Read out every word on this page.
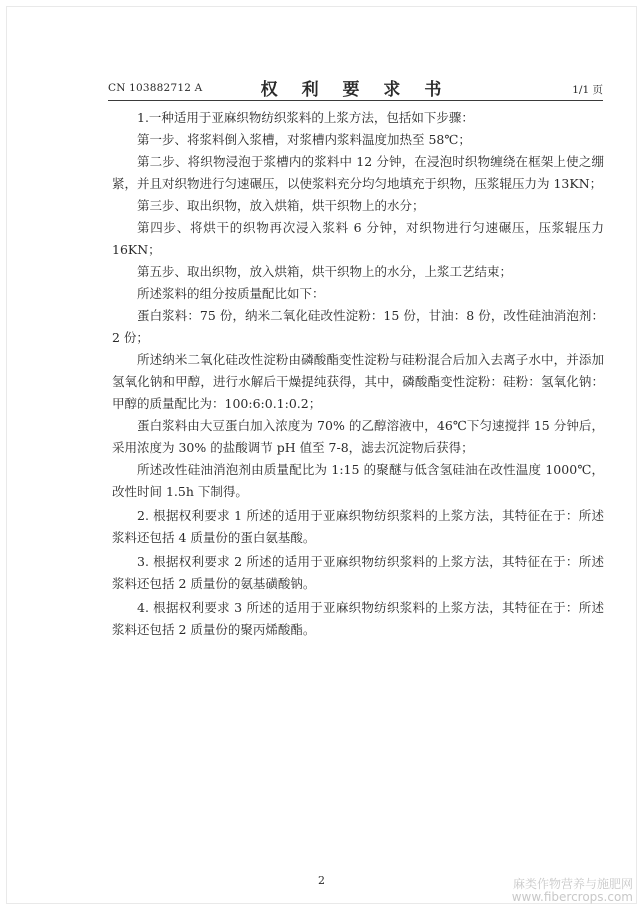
CN 103882712 A	权 利 要 求 书	1/1 页

1.一种适用于亚麻织物纺织浆料的上浆方法，包括如下步骤：

第一步、将浆料倒入浆槽，对浆槽内浆料温度加热至 58℃；

第二步、将织物浸泡于浆槽内的浆料中 12 分钟，在浸泡时织物缠绕在框架上使之绷紧，并且对织物进行匀速碾压，以使浆料充分均匀地填充于织物，压浆辊压力为 13KN；

第三步、取出织物，放入烘箱，烘干织物上的水分；

第四步、将烘干的织物再次浸入浆料 6 分钟，对织物进行匀速碾压，压浆辊压力 16KN；

第五步、取出织物，放入烘箱，烘干织物上的水分，上浆工艺结束；

所述浆料的组分按质量配比如下：

蛋白浆料：75 份，纳米二氧化硅改性淀粉：15 份，甘油：8 份，改性硅油消泡剂：2 份；

所述纳米二氧化硅改性淀粉由磷酸酯变性淀粉与硅粉混合后加入去离子水中，并添加氢氧化钠和甲醇，进行水解后干燥提纯获得，其中，磷酸酯变性淀粉：硅粉：氢氧化钠：甲醇的质量配比为：100:6:0.1:0.2；

蛋白浆料由大豆蛋白加入浓度为 70% 的乙醇溶液中，46℃下匀速搅拌 15 分钟后，采用浓度为 30% 的盐酸调节 pH 值至 7-8，滤去沉淀物后获得；

所述改性硅油消泡剂由质量配比为 1:15 的聚醚与低含氢硅油在改性温度 1000℃，改性时间 1.5h 下制得。

2. 根据权利要求 1 所述的适用于亚麻织物纺织浆料的上浆方法，其特征在于：所述浆料还包括 4 质量份的蛋白氨基酸。

3. 根据权利要求 2 所述的适用于亚麻织物纺织浆料的上浆方法，其特征在于：所述浆料还包括 2 质量份的氨基磺酸钠。

4. 根据权利要求 3 所述的适用于亚麻织物纺织浆料的上浆方法，其特征在于：所述浆料还包括 2 质量份的聚丙烯酸酯。

2	麻类作物营养与施肥网
www.fibercrops.com
